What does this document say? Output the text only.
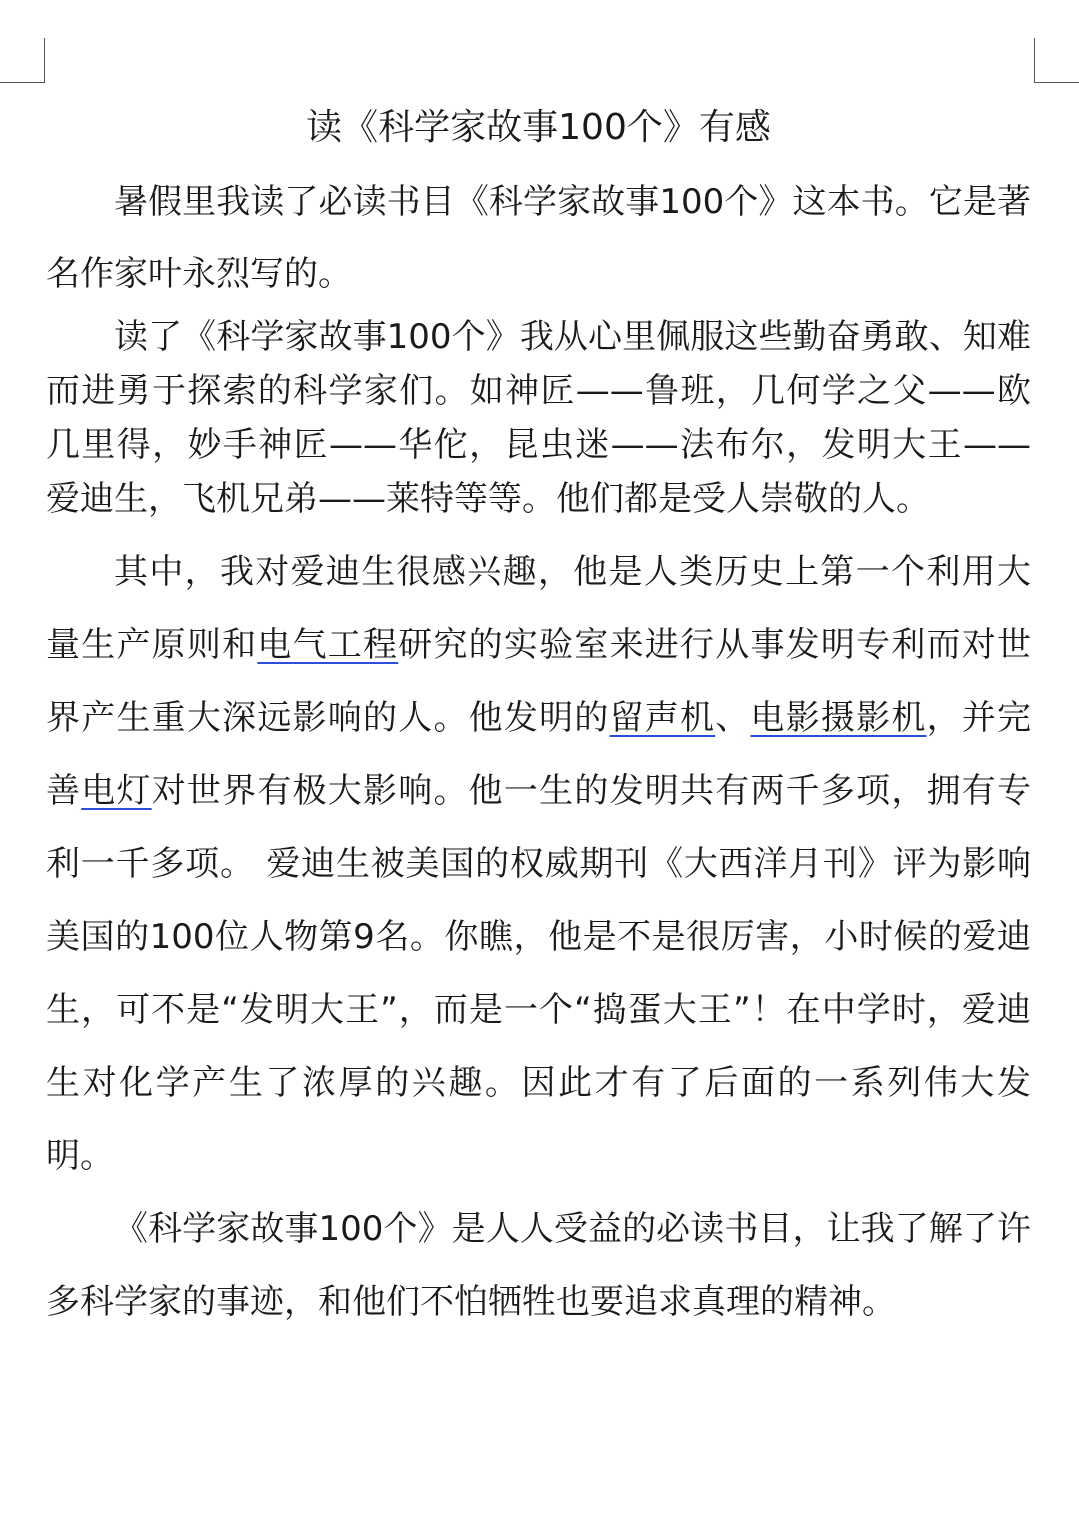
读《科学家故事100个》有感

暑假里我读了必读书目《科学家故事100个》这本书。它是著名作家叶永烈写的。

读了《科学家故事100个》我从心里佩服这些勤奋勇敢、知难而进勇于探索的科学家们。如神匠——鲁班，几何学之父——欧几里得，妙手神匠——华佗，昆虫迷——法布尔，发明大王——爱迪生，飞机兄弟——莱特等等。他们都是受人崇敬的人。

其中，我对爱迪生很感兴趣，他是人类历史上第一个利用大量生产原则和电气工程研究的实验室来进行从事发明专利而对世界产生重大深远影响的人。他发明的留声机、电影摄影机，并完善电灯对世界有极大影响。他一生的发明共有两千多项，拥有专利一千多项。 爱迪生被美国的权威期刊《大西洋月刊》评为影响美国的100位人物第9名。你瞧，他是不是很厉害，小时候的爱迪生，可不是“发明大王”，而是一个“捣蛋大王”！在中学时，爱迪生对化学产生了浓厚的兴趣。因此才有了后面的一系列伟大发明。

《科学家故事100个》是人人受益的必读书目，让我了解了许多科学家的事迹，和他们不怕牺牲也要追求真理的精神。
